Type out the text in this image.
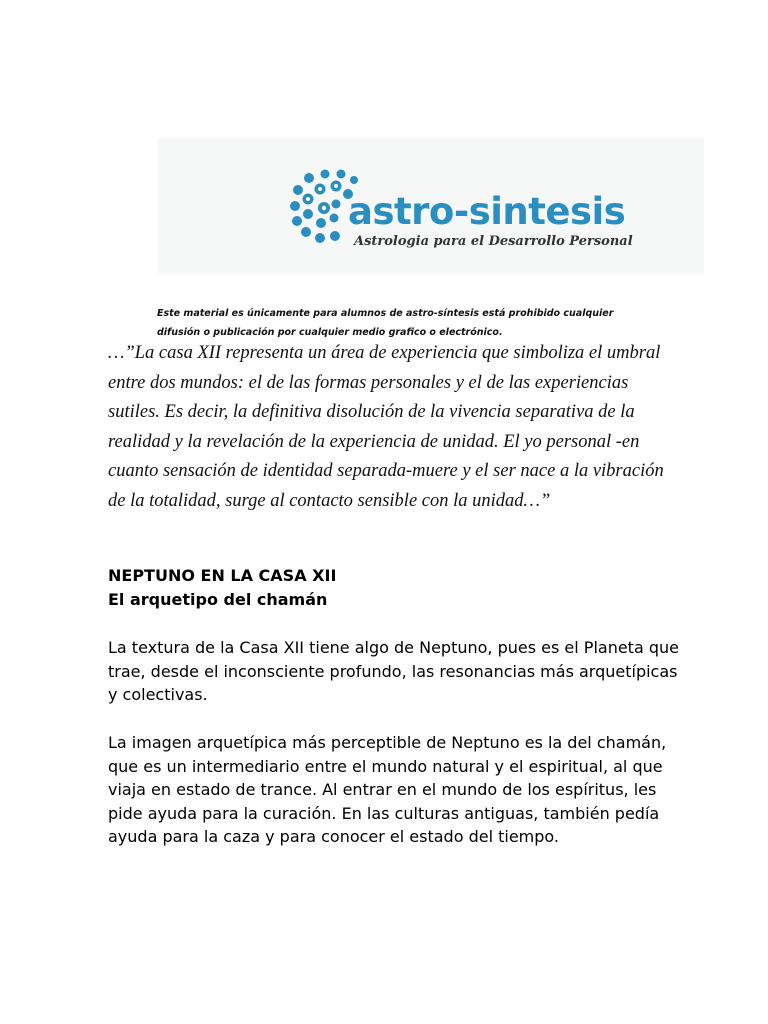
astro-sintesis
Astrologia para el Desarrollo Personal
Este material es únicamente para alumnos de astro-síntesis está prohibido cualquier difusión o publicación por cualquier medio grafico o electrónico.
…”La casa XII representa un área de experiencia que simboliza el umbral entre dos mundos: el de las formas personales y el de las experiencias sutiles. Es decir, la definitiva disolución de la vivencia separativa de la realidad y la revelación de la experiencia de unidad. El yo personal -en cuanto sensación de identidad separada-muere y el ser nace a la vibración de la totalidad, surge al contacto sensible con la unidad…”
NEPTUNO EN LA CASA XII
El arquetipo del chamán
La textura de la Casa XII tiene algo de Neptuno, pues es el Planeta que trae, desde el inconsciente profundo, las resonancias más arquetípicas y colectivas.
La imagen arquetípica más perceptible de Neptuno es la del chamán, que es un intermediario entre el mundo natural y el espiritual, al que viaja en estado de trance. Al entrar en el mundo de los espíritus, les pide ayuda para la curación. En las culturas antiguas, también pedía ayuda para la caza y para conocer el estado del tiempo.
